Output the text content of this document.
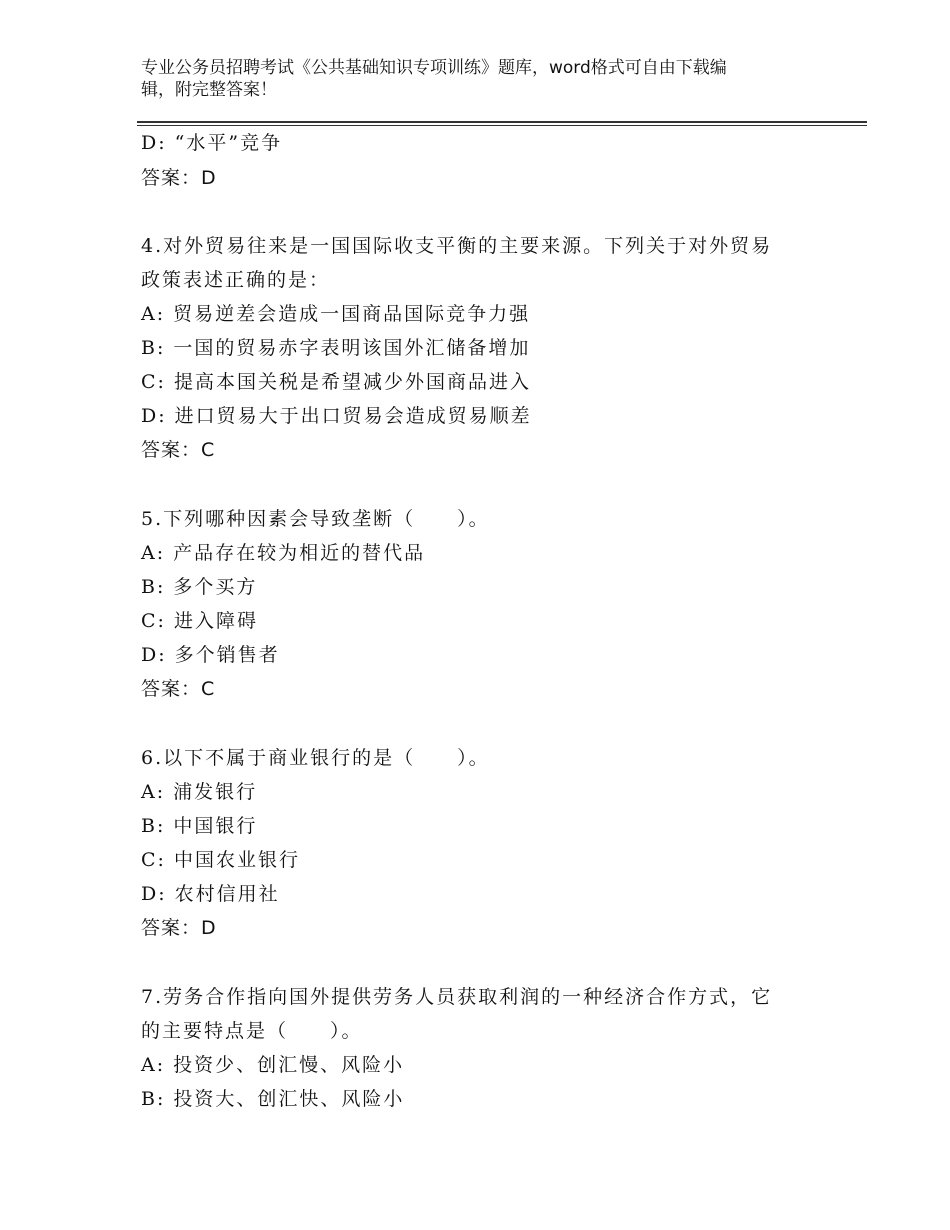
专业公务员招聘考试《公共基础知识专项训练》题库，word格式可自由下载编
辑，附完整答案！
D: “水平”竞争
答案：D
4.对外贸易往来是一国国际收支平衡的主要来源。下列关于对外贸易
政策表述正确的是：
A: 贸易逆差会造成一国商品国际竞争力强
B: 一国的贸易赤字表明该国外汇储备增加
C: 提高本国关税是希望减少外国商品进入
D: 进口贸易大于出口贸易会造成贸易顺差
答案：C
5.下列哪种因素会导致垄断（　　）。
A: 产品存在较为相近的替代品
B: 多个买方
C: 进入障碍
D: 多个销售者
答案：C
6.以下不属于商业银行的是（　　）。
A: 浦发银行
B: 中国银行
C: 中国农业银行
D: 农村信用社
答案：D
7.劳务合作指向国外提供劳务人员获取利润的一种经济合作方式，它
的主要特点是（　　）。
A: 投资少、创汇慢、风险小
B: 投资大、创汇快、风险小
